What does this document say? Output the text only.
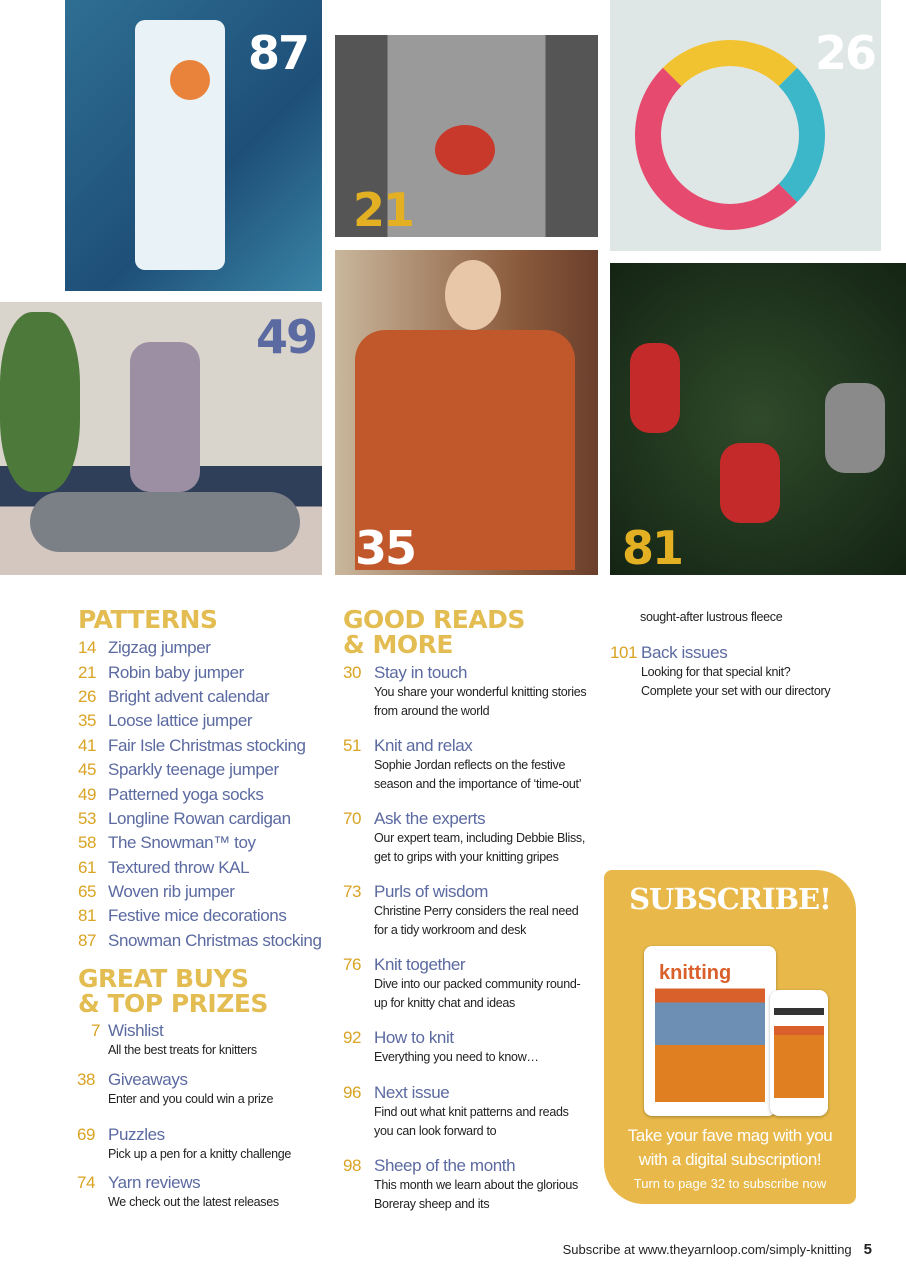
87
21
26
49
35	81
PATTERNS
14 Zigzag jumper
21 Robin baby jumper
26 Bright advent calendar
35 Loose lattice jumper
41 Fair Isle Christmas stocking
45 Sparkly teenage jumper
49 Patterned yoga socks
53 Longline Rowan cardigan
58 The Snowman™ toy
61 Textured throw KAL
65 Woven rib jumper
81 Festive mice decorations
87 Snowman Christmas stocking
GREAT BUYS
& TOP PRIZES
7 Wishlist
All the best treats for knitters
38 Giveaways
Enter and you could win a prize
69 Puzzles
Pick up a pen for a knitty challenge
74 Yarn reviews
We check out the latest releases
GOOD READS
& MORE
30 Stay in touch
You share your wonderful knitting stories from around the world
51 Knit and relax
Sophie Jordan reflects on the festive season and the importance of ‘time-out’
70 Ask the experts
Our expert team, including Debbie Bliss, get to grips with your knitting gripes
73 Purls of wisdom
Christine Perry considers the real need for a tidy workroom and desk
76 Knit together
Dive into our packed community round-up for knitty chat and ideas
92 How to knit
Everything you need to know…
96 Next issue
Find out what knit patterns and reads you can look forward to
98 Sheep of the month
This month we learn about the glorious Boreray sheep and its
sought-after lustrous fleece
101 Back issues
Looking for that special knit? Complete your set with our directory
SUBSCRIBE!
knitting
Take your fave mag with you
with a digital subscription!
Turn to page 32 to subscribe now
Subscribe at www.theyarnloop.com/simply-knitting 5
